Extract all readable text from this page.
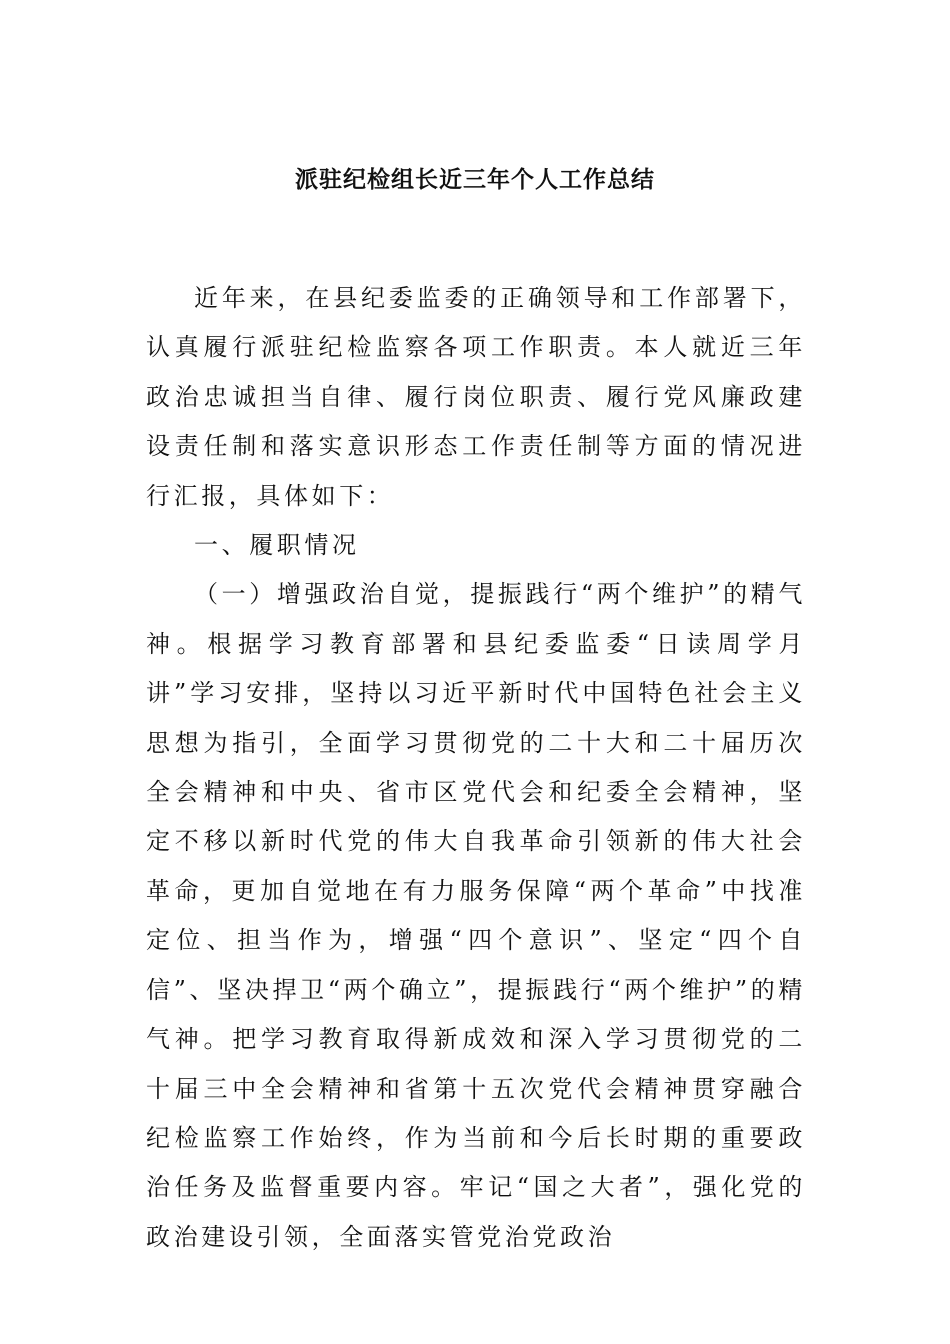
派驻纪检组长近三年个人工作总结

近年来，在县纪委监委的正确领导和工作部署下，认真履行派驻纪检监察各项工作职责。本人就近三年政治忠诚担当自律、履行岗位职责、履行党风廉政建设责任制和落实意识形态工作责任制等方面的情况进行汇报，具体如下：

一、履职情况

（一）增强政治自觉，提振践行“两个维护”的精气神。根据学习教育部署和县纪委监委“日读周学月讲”学习安排，坚持以习近平新时代中国特色社会主义思想为指引，全面学习贯彻党的二十大和二十届历次全会精神和中央、省市区党代会和纪委全会精神，坚定不移以新时代党的伟大自我革命引领新的伟大社会革命，更加自觉地在有力服务保障“两个革命”中找准定位、担当作为，增强“四个意识”、坚定“四个自信”、坚决捍卫“两个确立”，提振践行“两个维护”的精气神。把学习教育取得新成效和深入学习贯彻党的二十届三中全会精神和省第十五次党代会精神贯穿融合纪检监察工作始终，作为当前和今后长时期的重要政治任务及监督重要内容。牢记“国之大者”，强化党的政治建设引领，全面落实管党治党政治
